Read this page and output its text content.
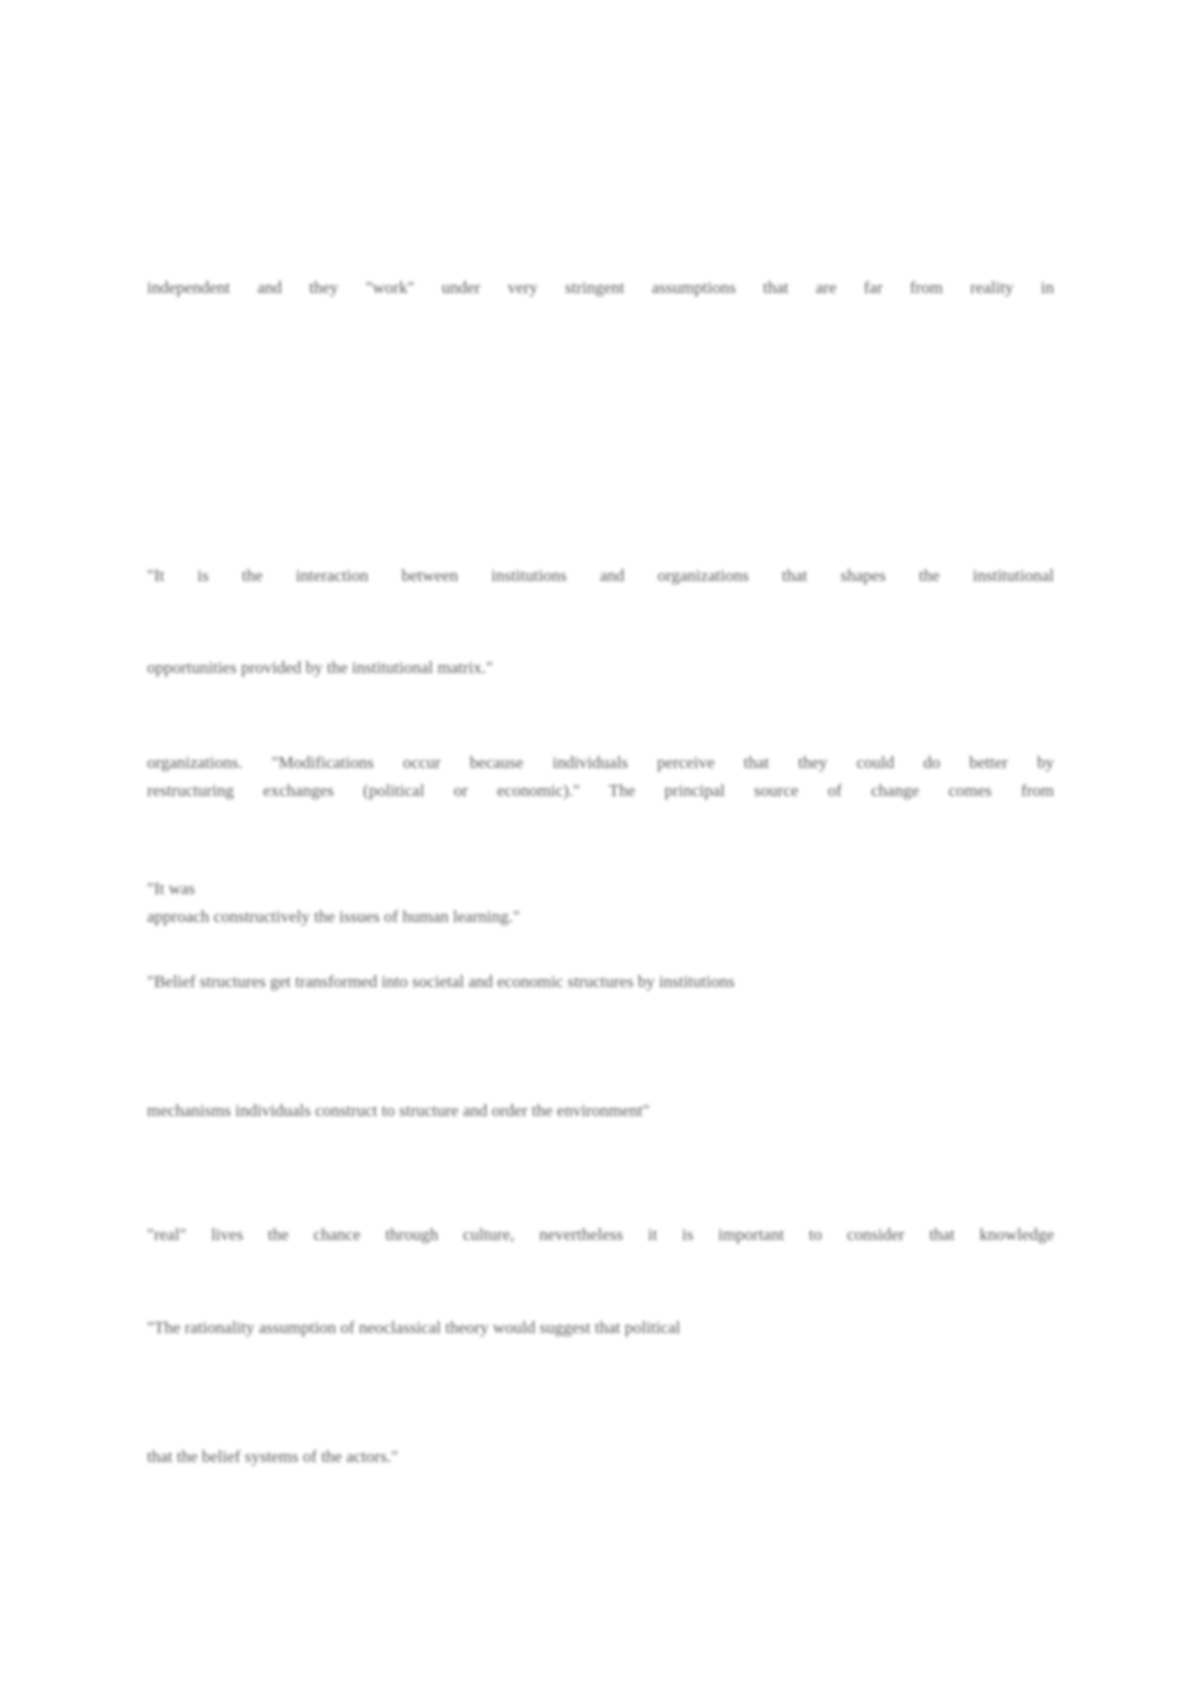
independent and they "work" under very stringent assumptions that are far from reality in
"It is the interaction between institutions and organizations that shapes the institutional
opportunities provided by the institutional matrix."
organizations. "Modifications occur because individuals perceive that they could do better by
restructuring exchanges (political or economic)." The principal source of change comes from
"It was
approach constructively the issues of human learning."
"Belief structures get transformed into societal and economic structures by institutions
mechanisms individuals construct to structure and order the environment"
"real" lives the chance through culture, nevertheless it is important to consider that knowledge
"The rationality assumption of neoclassical theory would suggest that political
that the belief systems of the actors."
